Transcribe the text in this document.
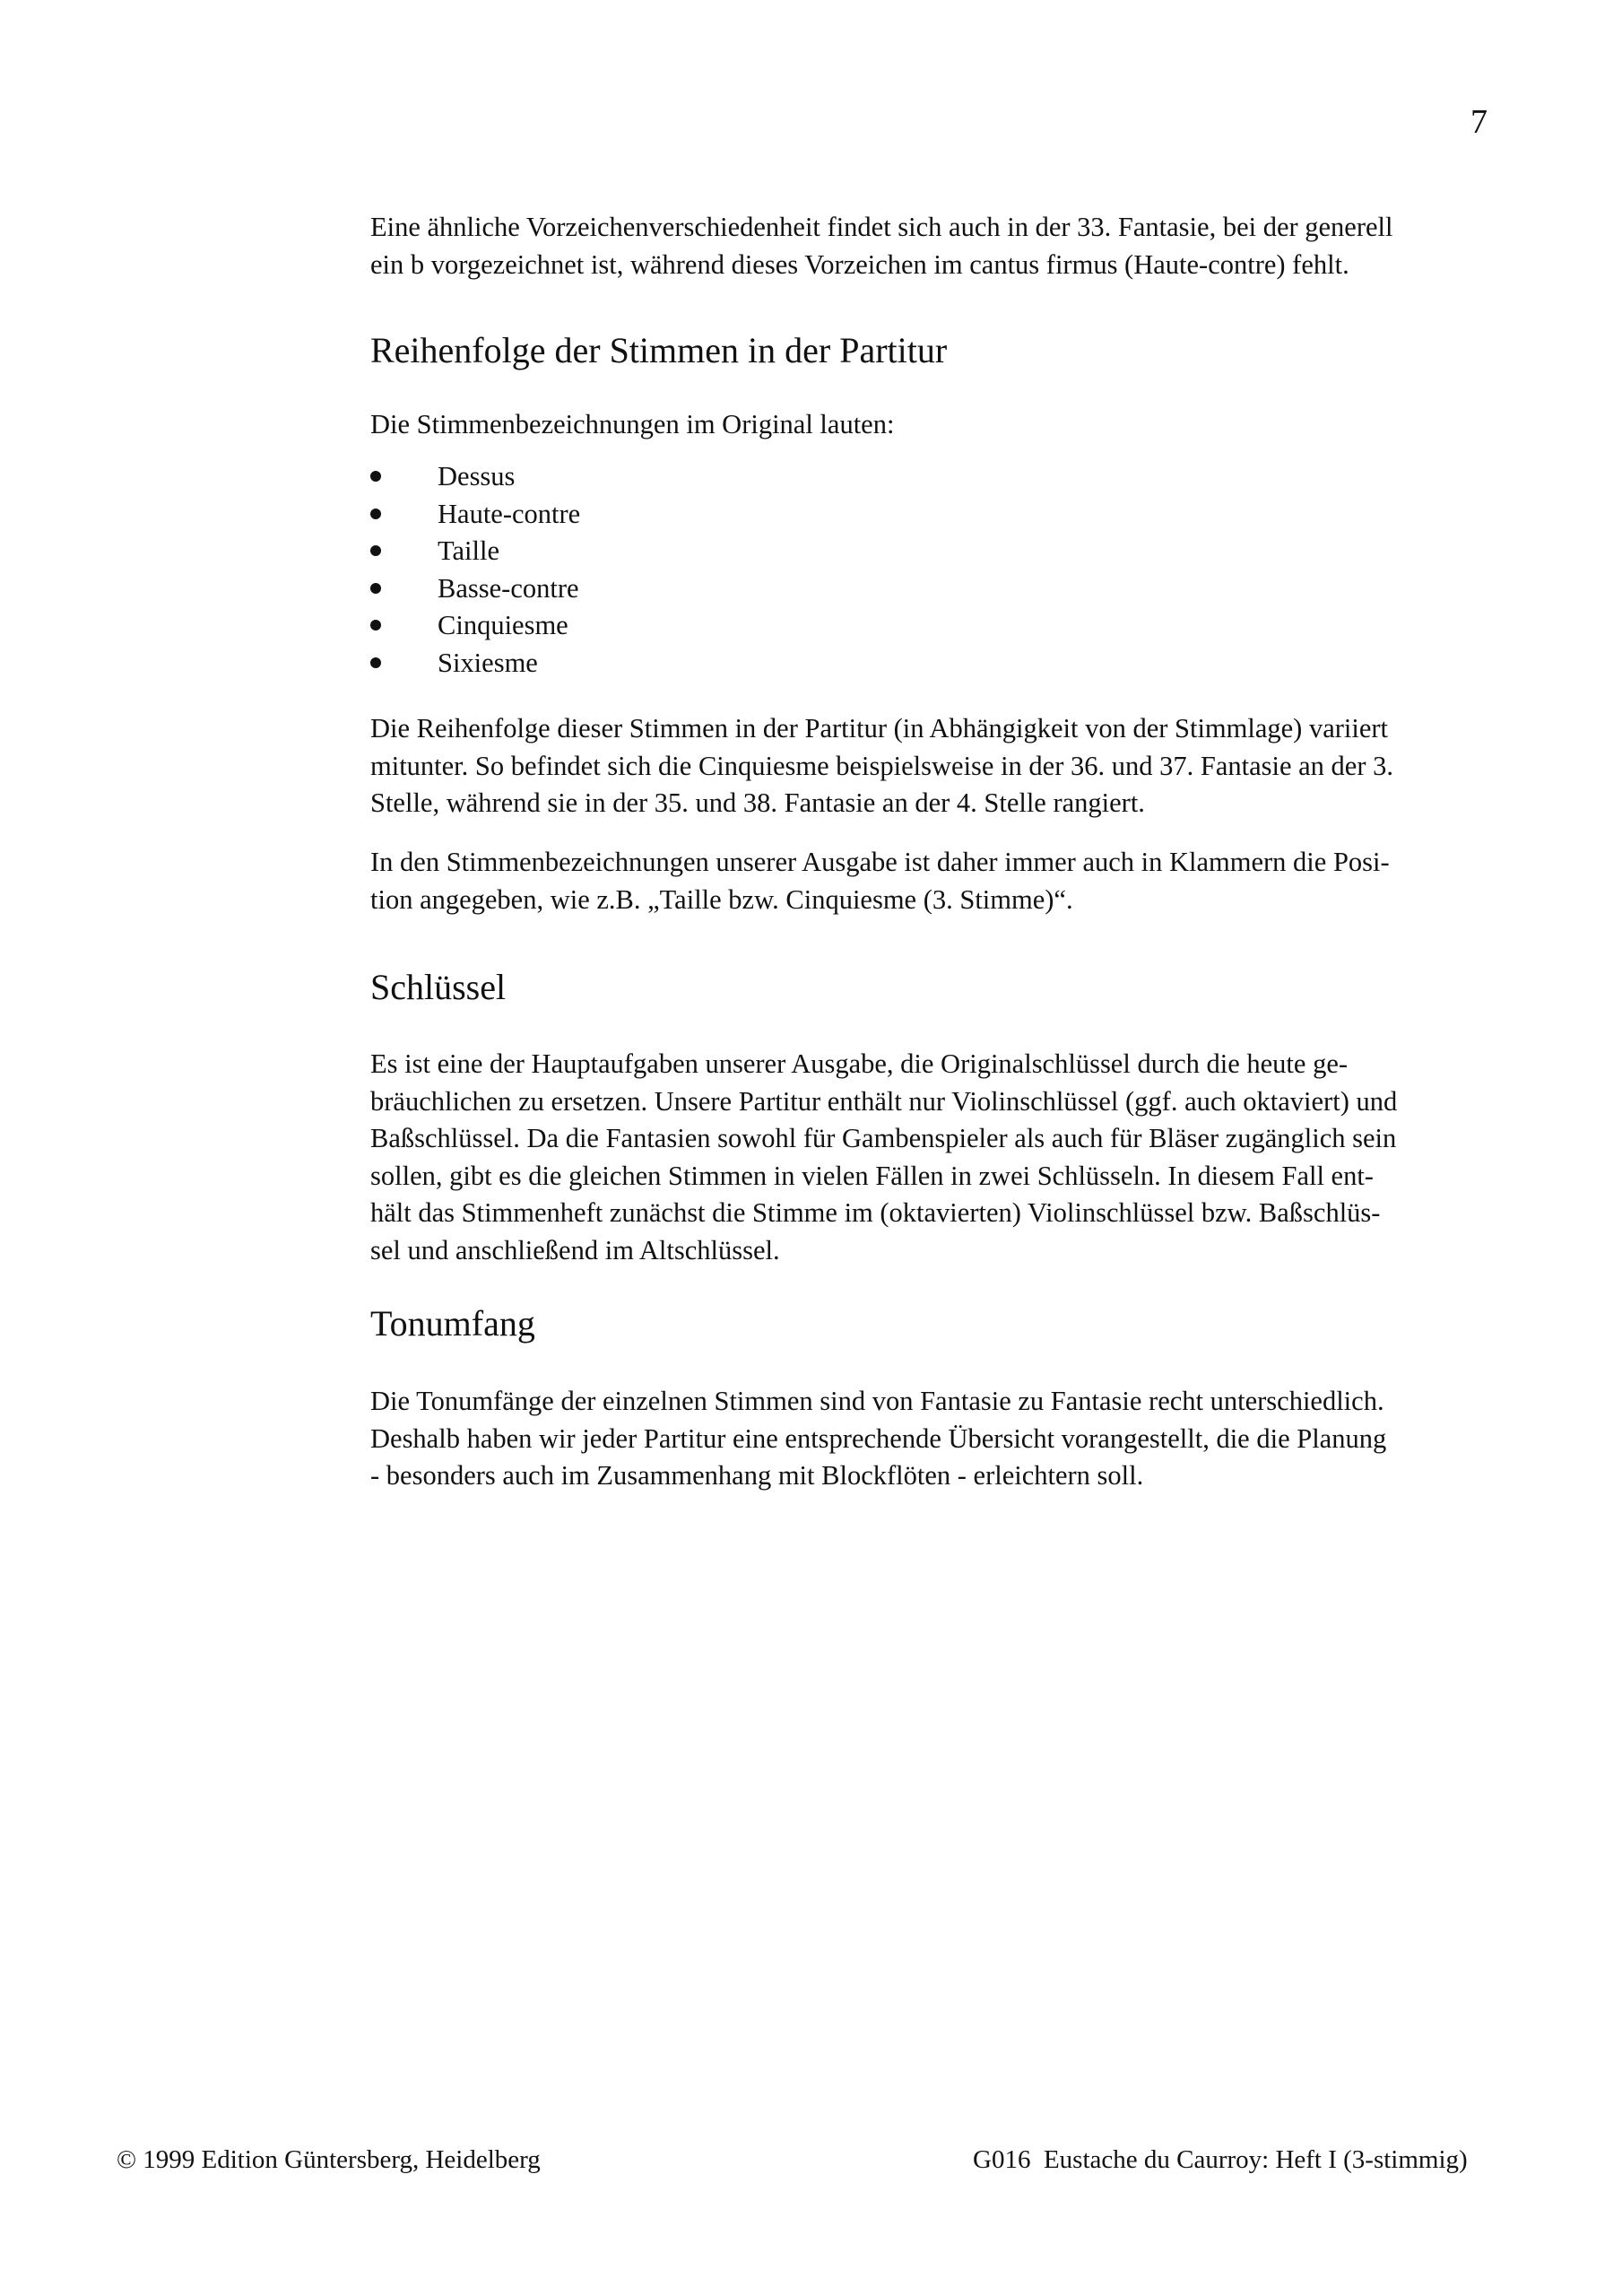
7

Eine ähnliche Vorzeichenverschiedenheit findet sich auch in der 33. Fantasie, bei der generell
ein b vorgezeichnet ist, während dieses Vorzeichen im cantus firmus (Haute-contre) fehlt.

Reihenfolge der Stimmen in der Partitur

Die Stimmenbezeichnungen im Original lauten:

Dessus
Haute-contre
Taille
Basse-contre
Cinquiesme
Sixiesme

Die Reihenfolge dieser Stimmen in der Partitur (in Abhängigkeit von der Stimmlage) variiert
mitunter. So befindet sich die Cinquiesme beispielsweise in der 36. und 37. Fantasie an der 3.
Stelle, während sie in der 35. und 38. Fantasie an der 4. Stelle rangiert.

In den Stimmenbezeichnungen unserer Ausgabe ist daher immer auch in Klammern die Posi-
tion angegeben, wie z.B. „Taille bzw. Cinquiesme (3. Stimme)“.

Schlüssel

Es ist eine der Hauptaufgaben unserer Ausgabe, die Originalschlüssel durch die heute ge-
bräuchlichen zu ersetzen. Unsere Partitur enthält nur Violinschlüssel (ggf. auch oktaviert) und
Baßschlüssel. Da die Fantasien sowohl für Gambenspieler als auch für Bläser zugänglich sein
sollen, gibt es die gleichen Stimmen in vielen Fällen in zwei Schlüsseln. In diesem Fall ent-
hält das Stimmenheft zunächst die Stimme im (oktavierten) Violinschlüssel bzw. Baßschlüs-
sel und anschließend im Altschlüssel.

Tonumfang

Die Tonumfänge der einzelnen Stimmen sind von Fantasie zu Fantasie recht unterschiedlich.
Deshalb haben wir jeder Partitur eine entsprechende Übersicht vorangestellt, die die Planung
- besonders auch im Zusammenhang mit Blockflöten - erleichtern soll.

© 1999 Edition Güntersberg, Heidelberg	G016  Eustache du Caurroy: Heft I (3-stimmig)
